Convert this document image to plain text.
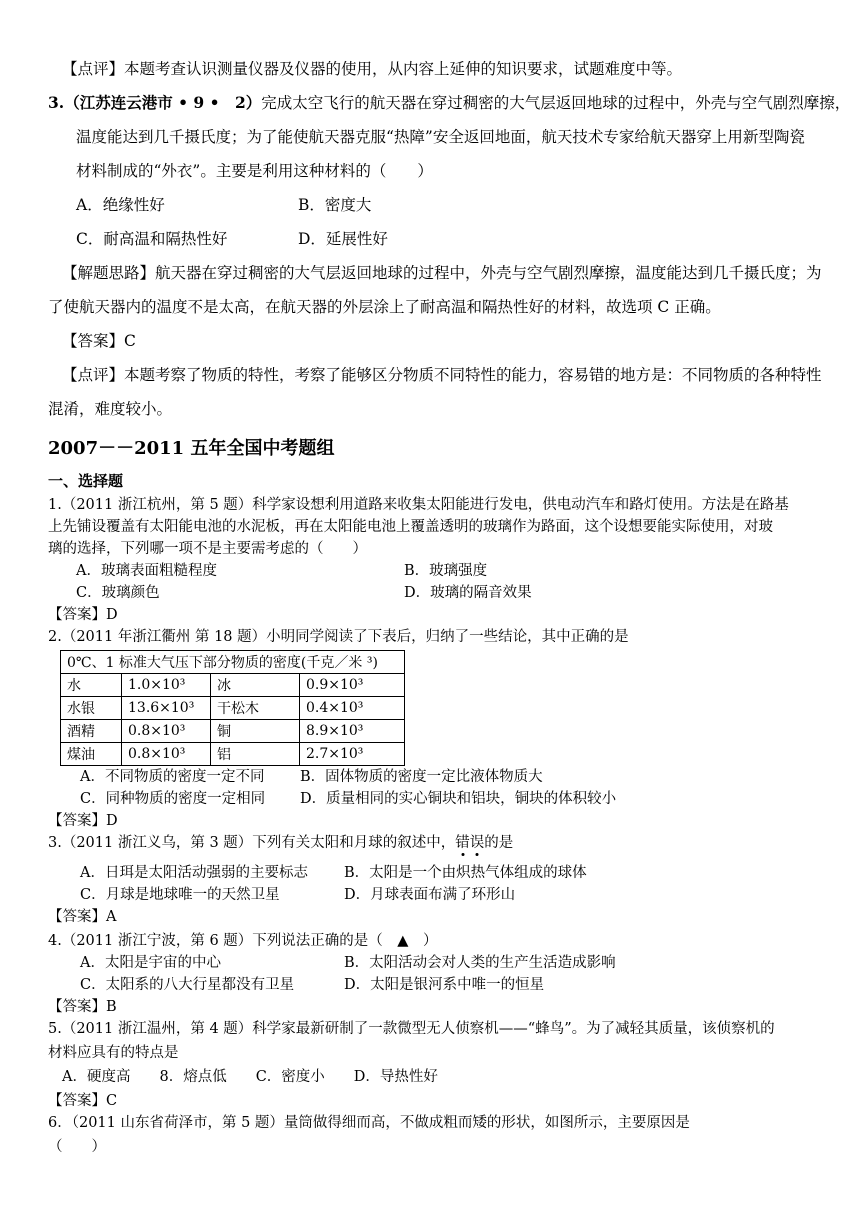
【点评】本题考查认识测量仪器及仪器的使用，从内容上延伸的知识要求，试题难度中等。
3.（江苏连云港市 • 9 •　2）完成太空飞行的航天器在穿过稠密的大气层返回地球的过程中，外壳与空气剧烈摩擦，
温度能达到几千摄氏度；为了能使航天器克服“热障”安全返回地面，航天技术专家给航天器穿上用新型陶瓷
材料制成的“外衣”。主要是利用这种材料的（　　）
A．绝缘性好	B．密度大
C．耐高温和隔热性好	D．延展性好
【解题思路】航天器在穿过稠密的大气层返回地球的过程中，外壳与空气剧烈摩擦，温度能达到几千摄氏度；为
了使航天器内的温度不是太高，在航天器的外层涂上了耐高温和隔热性好的材料，故选项 C 正确。
【答案】C
【点评】本题考察了物质的特性，考察了能够区分物质不同特性的能力，容易错的地方是：不同物质的各种特性
混淆，难度较小。
2007－－2011 五年全国中考题组
一、选择题
1.（2011 浙江杭州，第 5 题）科学家设想利用道路来收集太阳能进行发电，供电动汽车和路灯使用。方法是在路基
上先铺设覆盖有太阳能电池的水泥板，再在太阳能电池上覆盖透明的玻璃作为路面，这个设想要能实际使用，对玻
璃的选择，下列哪一项不是主要需考虑的（　　）
A．玻璃表面粗糙程度	B．玻璃强度
C．玻璃颜色	D．玻璃的隔音效果
【答案】D
2.（2011 年浙江衢州 第 18 题）小明同学阅读了下表后，归纳了一些结论，其中正确的是
0℃、1 标准大气压下部分物质的密度(千克／米 ³)			
水	1.0×10³	冰	0.9×10³
水银	13.6×10³	干松木	0.4×10³
酒精	0.8×10³	铜	8.9×10³
煤油	0.8×10³	铝	2.7×10³
A．不同物质的密度一定不同 B．固体物质的密度一定比液体物质大
C．同种物质的密度一定相同 D．质量相同的实心铜块和铝块，铜块的体积较小
【答案】D
3.（2011 浙江义乌，第 3 题）下列有关太阳和月球的叙述中，错误的是
A．日珥是太阳活动强弱的主要标志 B．太阳是一个由炽热气体组成的球体
C．月球是地球唯一的天然卫星	D．月球表面布满了环形山
【答案】A
4.（2011 浙江宁波，第 6 题）下列说法正确的是（　▲　）
A．太阳是宇宙的中心	B．太阳活动会对人类的生产生活造成影响
C．太阳系的八大行星都没有卫星	D．太阳是银河系中唯一的恒星
【答案】B
5.（2011 浙江温州，第 4 题）科学家最新研制了一款微型无人侦察机——“蜂鸟”。为了减轻其质量，该侦察机的
材料应具有的特点是
A．硬度高　　8．熔点低　　C．密度小　　D．导热性好
【答案】C
6．（2011 山东省荷泽市，第 5 题）量筒做得细而高，不做成粗而矮的形状，如图所示，主要原因是
（　　）
